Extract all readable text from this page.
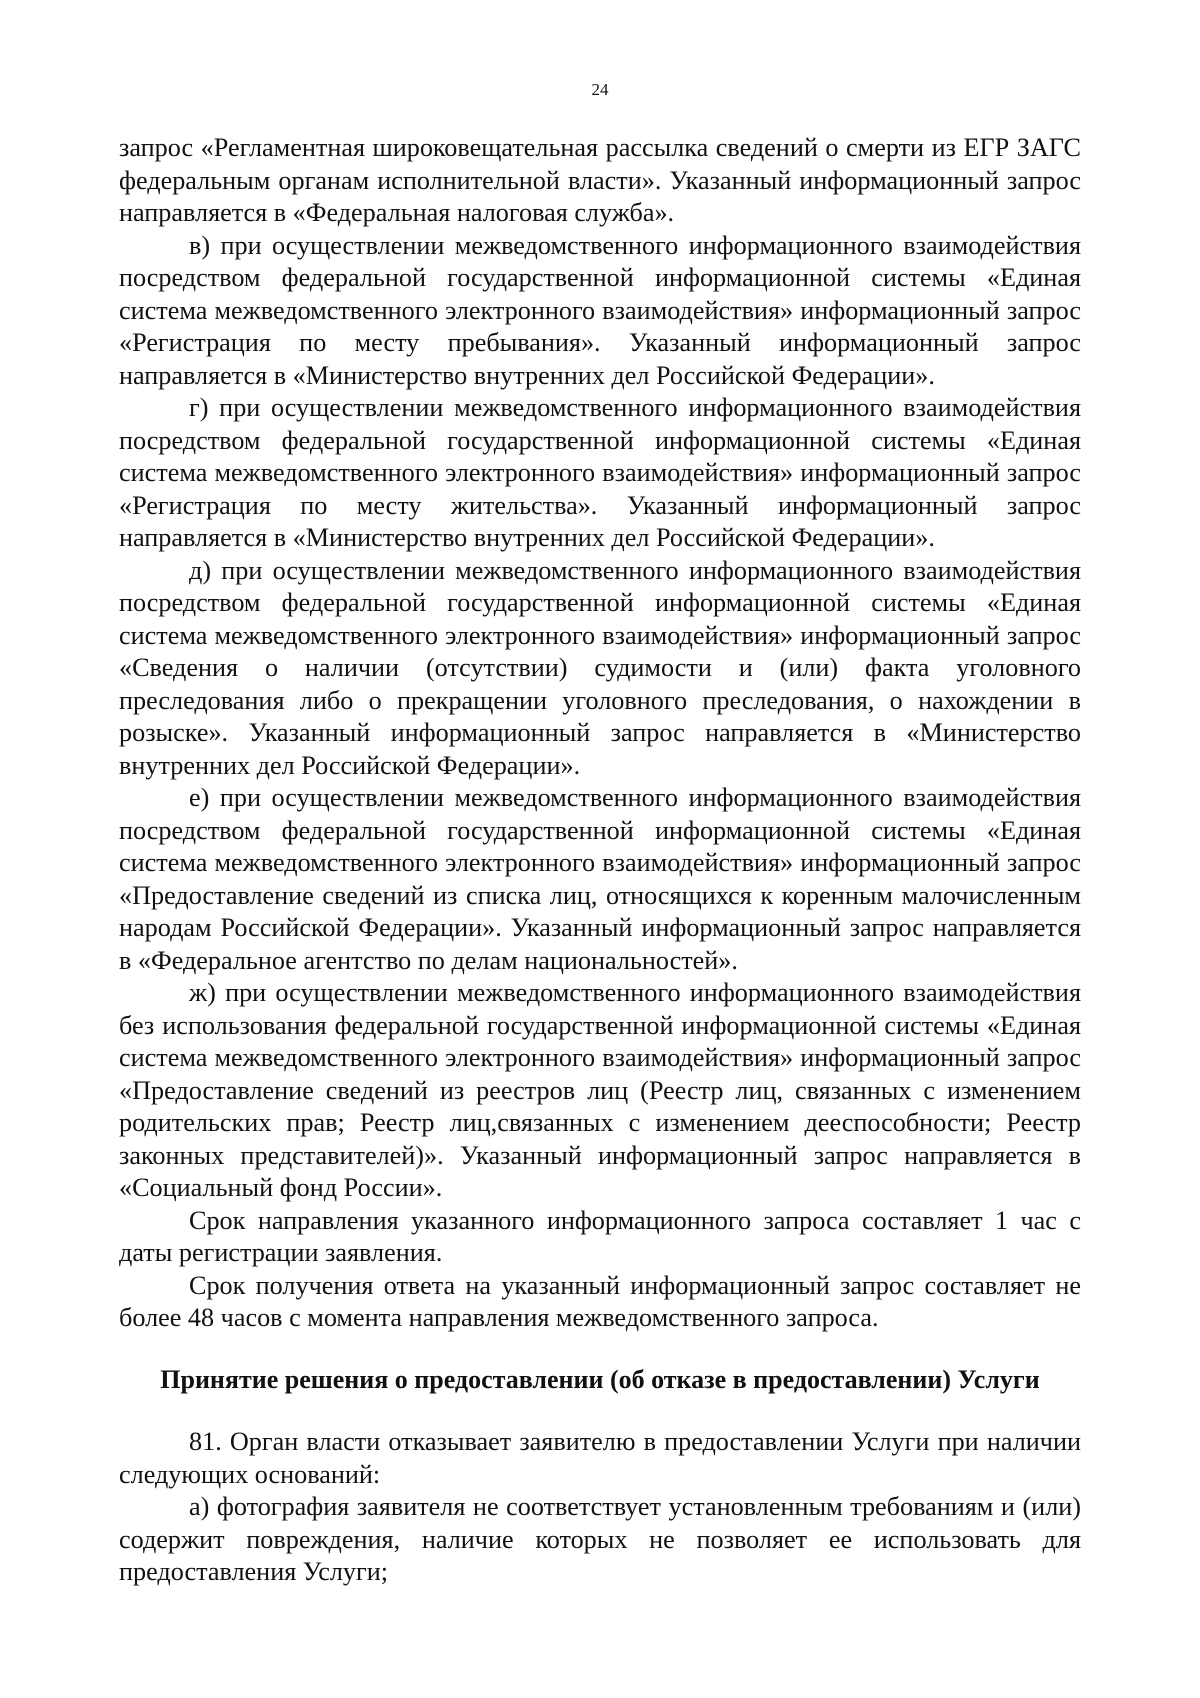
24

запрос «Регламентная широковещательная рассылка сведений о смерти из ЕГР ЗАГС федеральным органам исполнительной власти». Указанный информационный запрос направляется в «Федеральная налоговая служба».

в) при осуществлении межведомственного информационного взаимодействия посредством федеральной государственной информационной системы «Единая система межведомственного электронного взаимодействия» информационный запрос «Регистрация по месту пребывания». Указанный информационный запрос направляется в «Министерство внутренних дел Российской Федерации».

г) при осуществлении межведомственного информационного взаимодействия посредством федеральной государственной информационной системы «Единая система межведомственного электронного взаимодействия» информационный запрос «Регистрация по месту жительства». Указанный информационный запрос направляется в «Министерство внутренних дел Российской Федерации».

д) при осуществлении межведомственного информационного взаимодействия посредством федеральной государственной информационной системы «Единая система межведомственного электронного взаимодействия» информационный запрос «Сведения о наличии (отсутствии) судимости и (или) факта уголовного преследования либо о прекращении уголовного преследования, о нахождении в розыске». Указанный информационный запрос направляется в «Министерство внутренних дел Российской Федерации».

е) при осуществлении межведомственного информационного взаимодействия посредством федеральной государственной информационной системы «Единая система межведомственного электронного взаимодействия» информационный запрос «Предоставление сведений из списка лиц, относящихся к коренным малочисленным народам Российской Федерации». Указанный информационный запрос направляется в «Федеральное агентство по делам национальностей».

ж) при осуществлении межведомственного информационного взаимодействия без использования федеральной государственной информационной системы «Единая система межведомственного электронного взаимодействия» информационный запрос «Предоставление сведений из реестров лиц (Реестр лиц, связанных с изменением родительских прав; Реестр лиц,связанных с изменением дееспособности; Реестр законных представителей)». Указанный информационный запрос направляется в «Социальный фонд России».

Срок направления указанного информационного запроса составляет 1 час с даты регистрации заявления.

Срок получения ответа на указанный информационный запрос составляет не более 48 часов с момента направления межведомственного запроса.

Принятие решения о предоставлении (об отказе в предоставлении) Услуги

81. Орган власти отказывает заявителю в предоставлении Услуги при наличии следующих оснований:

а) фотография заявителя не соответствует установленным требованиям и (или) содержит повреждения, наличие которых не позволяет ее использовать для предоставления Услуги;
